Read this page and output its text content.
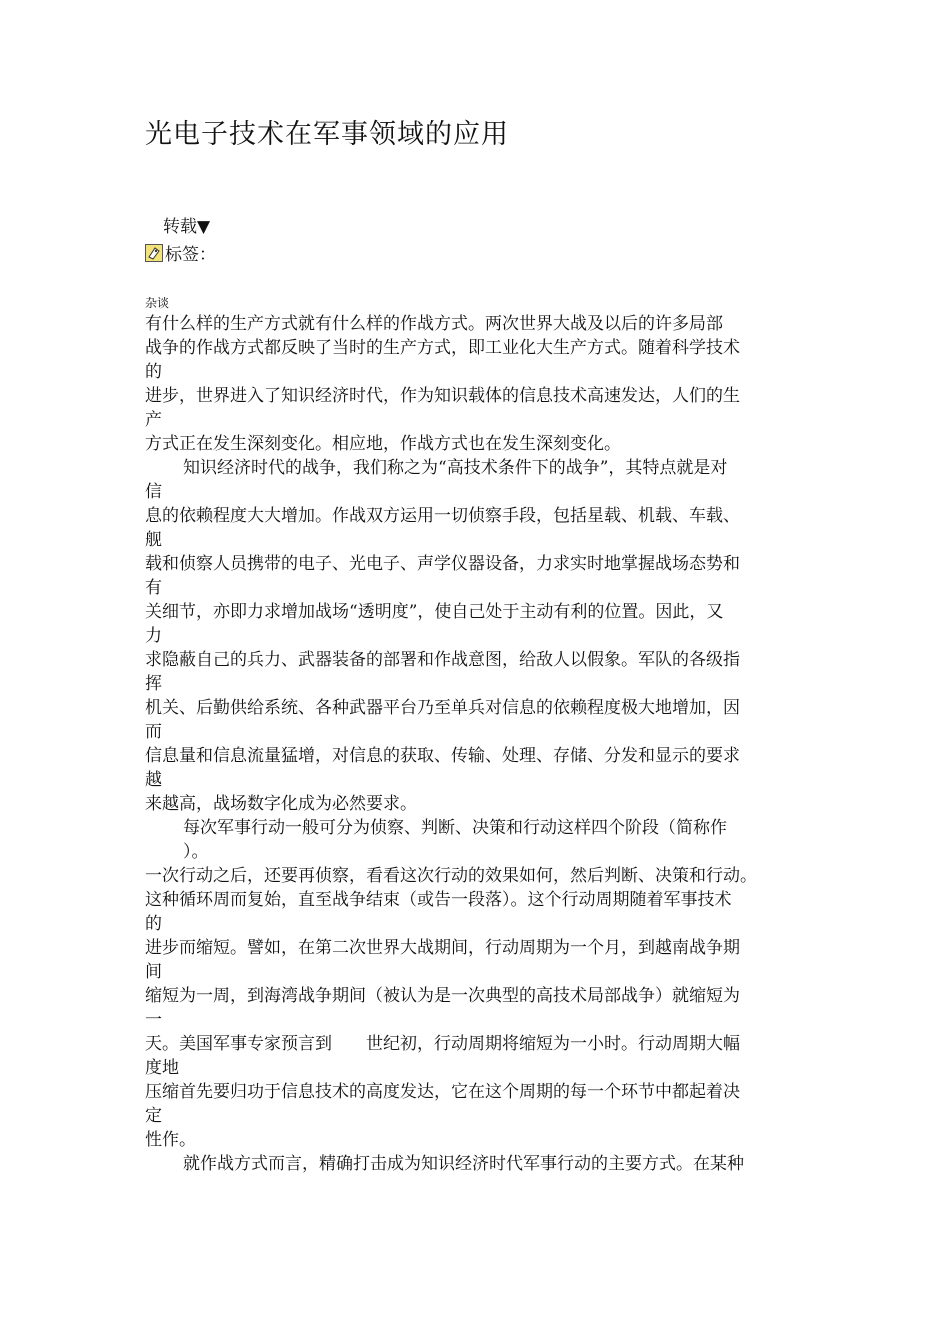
光电子技术在军事领域的应用
转载▼
标签：
杂谈
有什么样的生产方式就有什么样的作战方式。两次世界大战及以后的许多局部
战争的作战方式都反映了当时的生产方式，即工业化大生产方式。随着科学技术
的
进步，世界进入了知识经济时代，作为知识载体的信息技术高速发达，人们的生
产
方式正在发生深刻变化。相应地，作战方式也在发生深刻变化。
知识经济时代的战争，我们称之为“高技术条件下的战争”，其特点就是对
信
息的依赖程度大大增加。作战双方运用一切侦察手段，包括星载、机载、车载、
舰
载和侦察人员携带的电子、光电子、声学仪器设备，力求实时地掌握战场态势和
有
关细节，亦即力求增加战场“透明度”，使自己处于主动有利的位置。因此，又
力
求隐蔽自己的兵力、武器装备的部署和作战意图，给敌人以假象。军队的各级指
挥
机关、后勤供给系统、各种武器平台乃至单兵对信息的依赖程度极大地增加，因
而
信息量和信息流量猛增，对信息的获取、传输、处理、存储、分发和显示的要求
越
来越高，战场数字化成为必然要求。
每次军事行动一般可分为侦察、判断、决策和行动这样四个阶段（简称作
）。
一次行动之后，还要再侦察，看看这次行动的效果如何，然后判断、决策和行动。
这种循环周而复始，直至战争结束（或告一段落）。这个行动周期随着军事技术
的
进步而缩短。譬如，在第二次世界大战期间，行动周期为一个月，到越南战争期
间
缩短为一周，到海湾战争期间（被认为是一次典型的高技术局部战争）就缩短为
一
天。美国军事专家预言到　　世纪初，行动周期将缩短为一小时。行动周期大幅
度地
压缩首先要归功于信息技术的高度发达，它在这个周期的每一个环节中都起着决
定
性作。
就作战方式而言，精确打击成为知识经济时代军事行动的主要方式。在某种
